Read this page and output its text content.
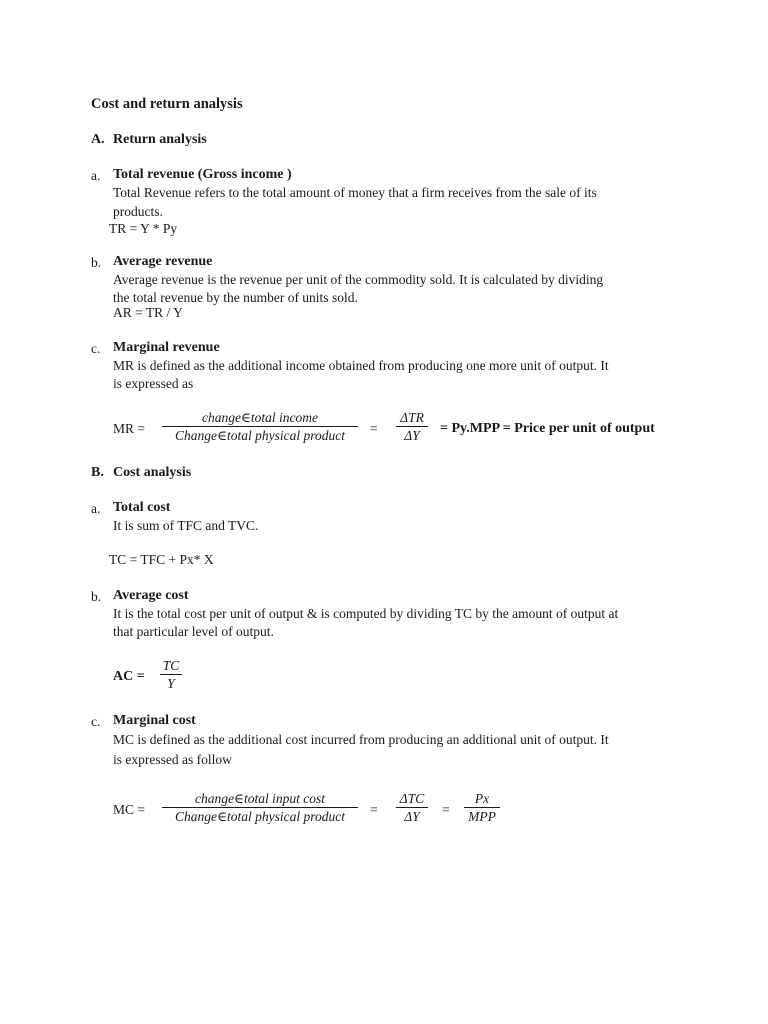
Cost and return analysis
A. Return analysis
a. Total revenue (Gross income )
Total Revenue refers to the total amount of money that a firm receives from the sale of its
products.
TR = Y * Py
b. Average revenue
Average revenue is the revenue per unit of the commodity sold. It is calculated by dividing
the total revenue by the number of units sold.
AR = TR / Y
c. Marginal revenue
MR is defined as the additional income obtained from producing one more unit of output. It
is expressed as
MR =
change∈total income
Change∈total physical product =
ΔTR
ΔY = Py.MPP = Price per unit of output
B. Cost analysis
a. Total cost
It is sum of TFC and TVC.
TC = TFC + Px* X
b. Average cost
It is the total cost per unit of output & is computed by dividing TC by the amount of output at
that particular level of output.
AC =
TC
Y
c. Marginal cost
MC is defined as the additional cost incurred from producing an additional unit of output. It
is expressed as follow
MC =
change∈total input cost
Change∈total physical product =
ΔTC
ΔY =
Px
MPP
